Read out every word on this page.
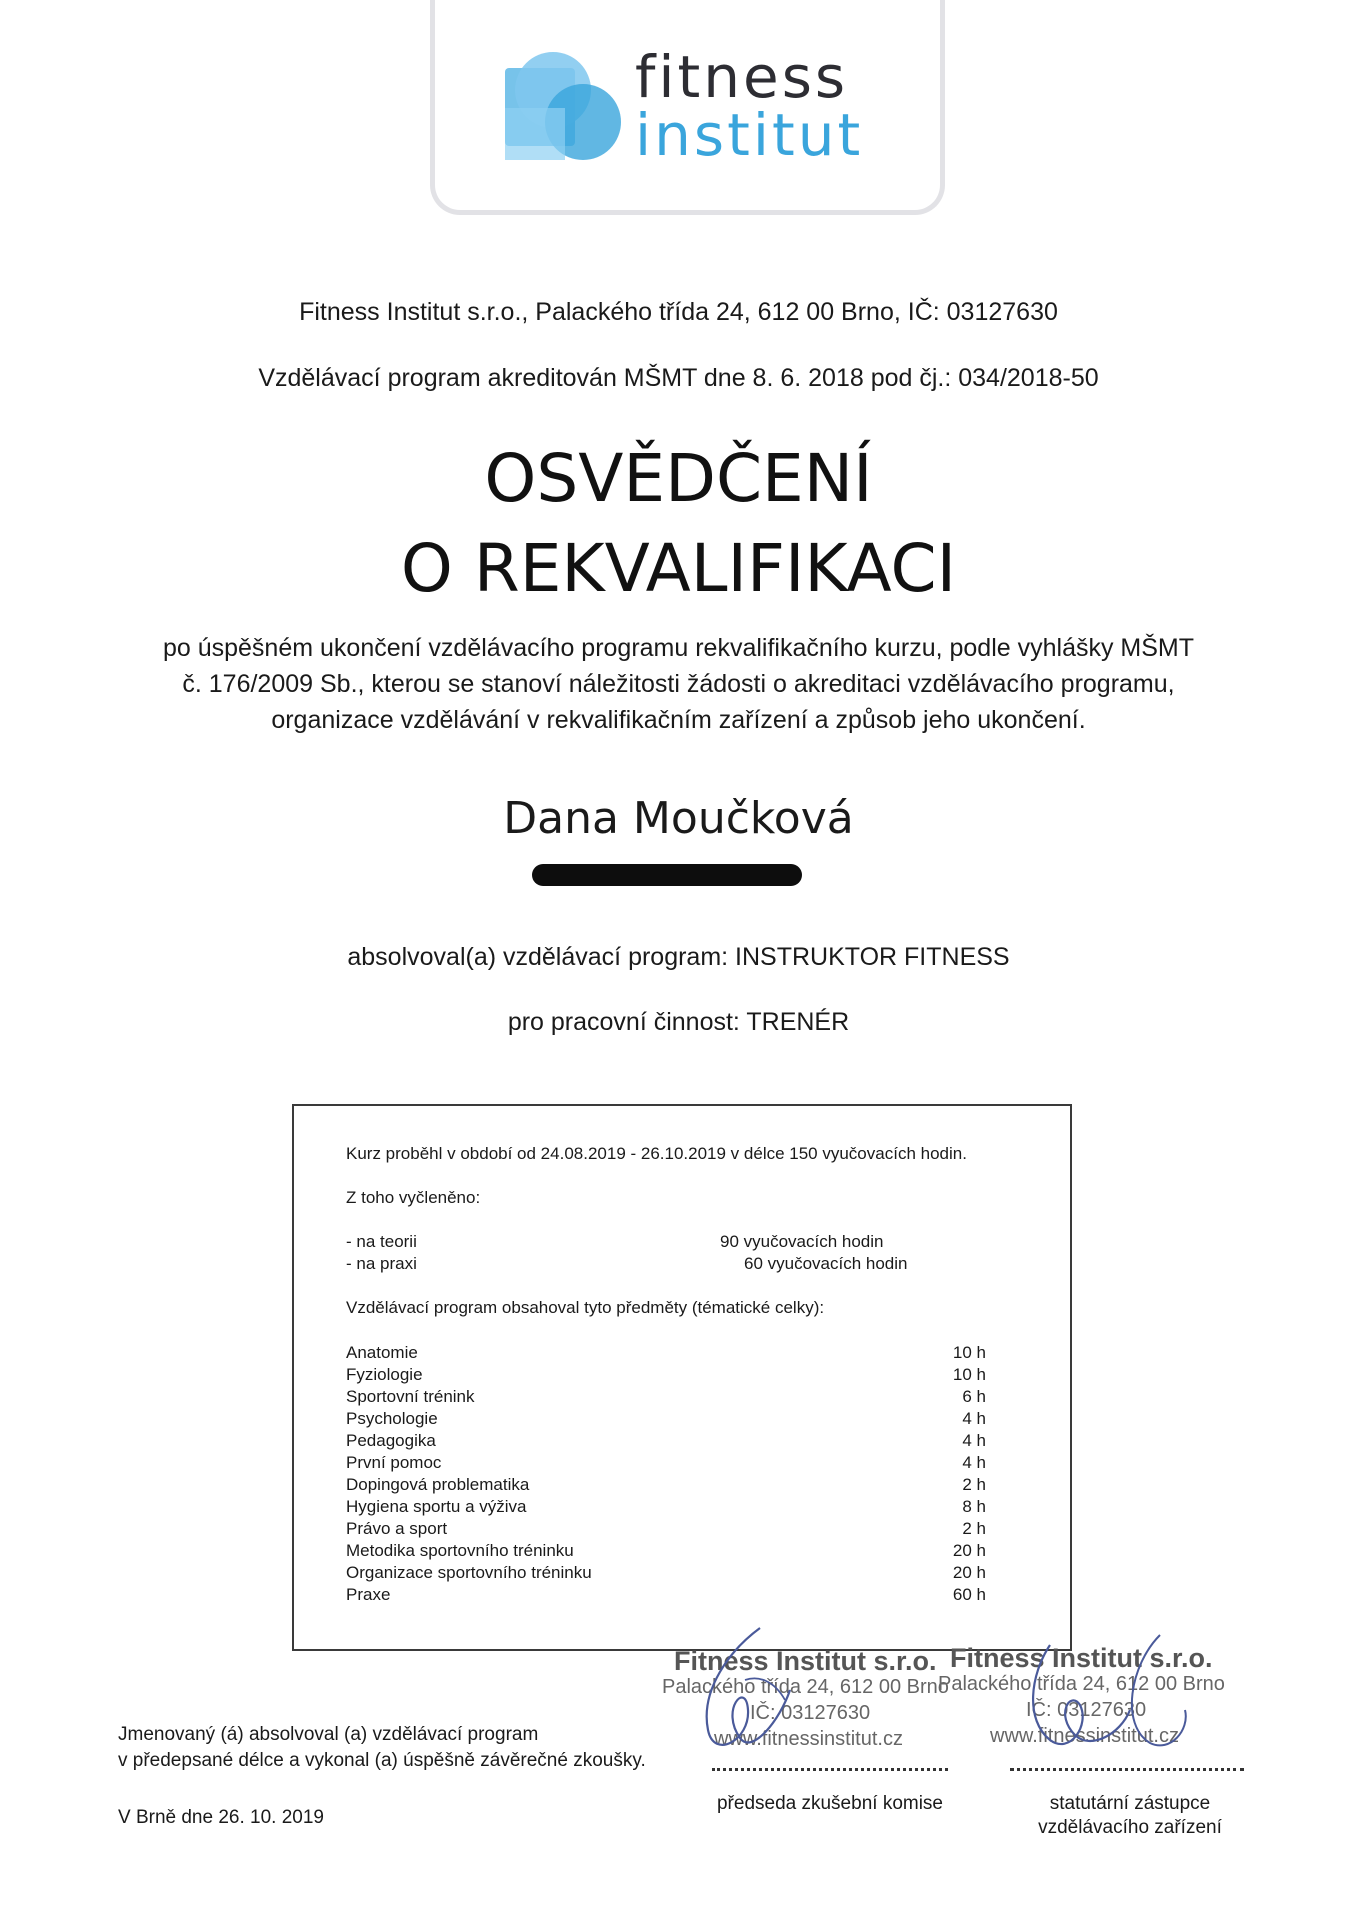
fitness
institut
Fitness Institut s.r.o., Palackého třída 24, 612 00 Brno, IČ: 03127630
Vzdělávací program akreditován MŠMT dne 8. 6. 2018 pod čj.: 034/2018-50
OSVĚDČENÍ
O REKVALIFIKACI
po úspěšném ukončení vzdělávacího programu rekvalifikačního kurzu, podle vyhlášky MŠMT
č. 176/2009 Sb., kterou se stanoví náležitosti žádosti o akreditaci vzdělávacího programu,
organizace vzdělávání v rekvalifikačním zařízení a způsob jeho ukončení.
Dana Moučková
absolvoval(a) vzdělávací program: INSTRUKTOR FITNESS
pro pracovní činnost: TRENÉR
Kurz proběhl v období od 24.08.2019 - 26.10.2019 v délce 150 vyučovacích hodin.
Z toho vyčleněno:
- na teorii	90 vyučovacích hodin
- na praxi	60 vyučovacích hodin
Vzdělávací program obsahoval tyto předměty (tématické celky):
Anatomie	10 h
Fyziologie	10 h
Sportovní trénink	6 h
Psychologie	4 h
Pedagogika	4 h
První pomoc	4 h
Dopingová problematika	2 h
Hygiena sportu a výživa	8 h
Právo a sport	2 h
Metodika sportovního tréninku	20 h
Organizace sportovního tréninku	20 h
Praxe	60 h
Fitness Institut s.r.o.
Palackého třída 24, 612 00 Brno
IČ: 03127630
www.fitnessinstitut.cz
Fitness Institut s.r.o.
Palackého třída 24, 612 00 Brno
IČ: 03127630
www.fitnessinstitut.cz
předseda zkušební komise	statutární zástupce
vzdělávacího zařízení
Jmenovaný (á) absolvoval (a) vzdělávací program
v předepsané délce a vykonal (a) úspěšně závěrečné zkoušky.
V Brně dne 26. 10. 2019
